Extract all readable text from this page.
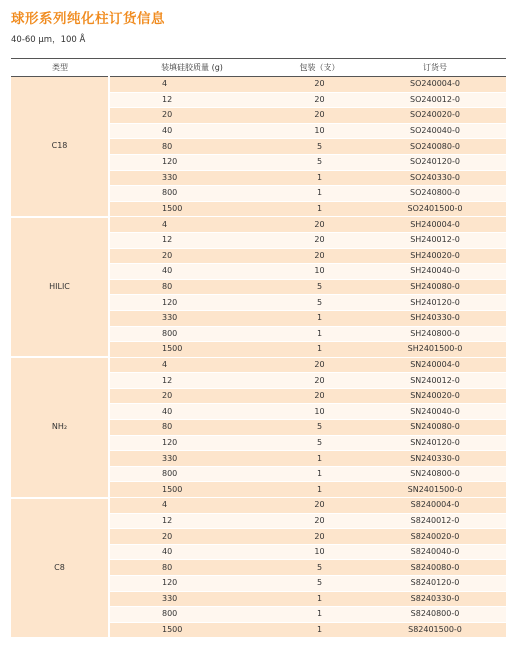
球形系列纯化柱订货信息
40-60 µm，100 Å
类型	装填硅胶质量 (g)	包装（支）	订货号
C18	4	20	SO240004-0
	12	20	SO240012-0
	20	20	SO240020-0
	40	10	SO240040-0
	80	5	SO240080-0
	120	5	SO240120-0
	330	1	SO240330-0
	800	1	SO240800-0
	1500	1	SO2401500-0
HILIC	4	20	SH240004-0
	12	20	SH240012-0
	20	20	SH240020-0
	40	10	SH240040-0
	80	5	SH240080-0
	120	5	SH240120-0
	330	1	SH240330-0
	800	1	SH240800-0
	1500	1	SH2401500-0
NH₂	4	20	SN240004-0
	12	20	SN240012-0
	20	20	SN240020-0
	40	10	SN240040-0
	80	5	SN240080-0
	120	5	SN240120-0
	330	1	SN240330-0
	800	1	SN240800-0
	1500	1	SN2401500-0
C8	4	20	S8240004-0
	12	20	S8240012-0
	20	20	S8240020-0
	40	10	S8240040-0
	80	5	S8240080-0
	120	5	S8240120-0
	330	1	S8240330-0
	800	1	S8240800-0
	1500	1	S82401500-0
